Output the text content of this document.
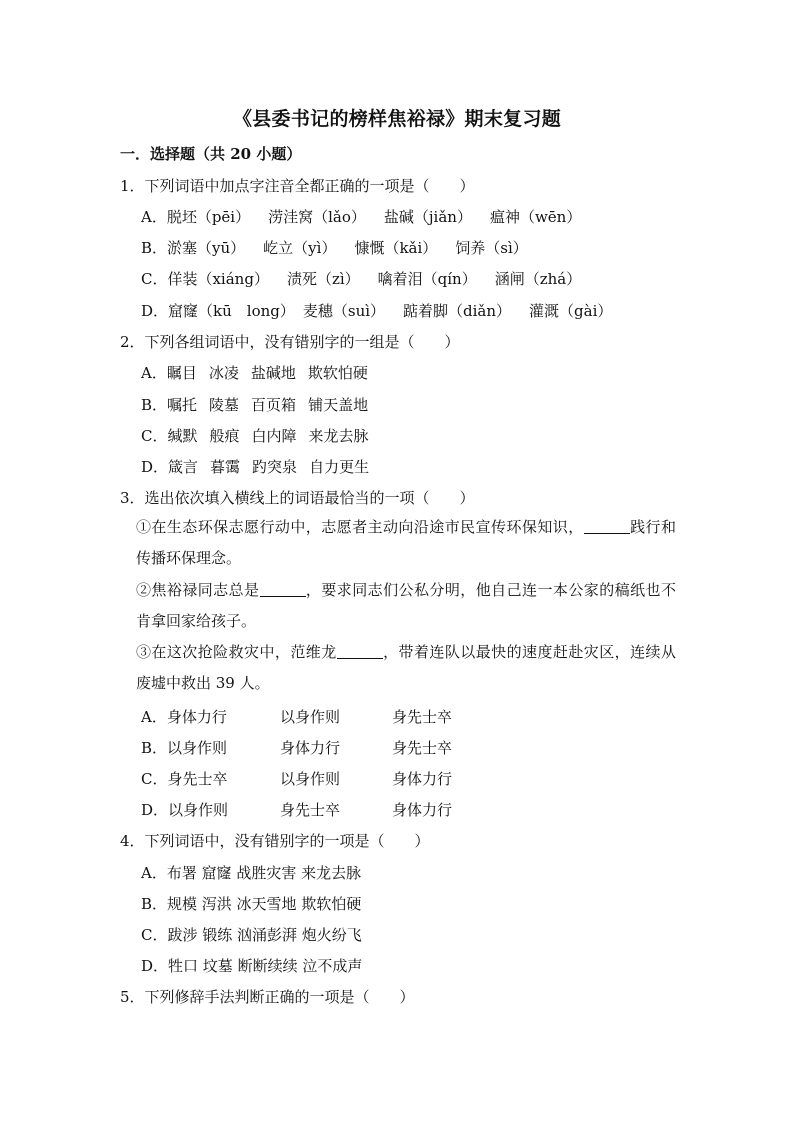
《县委书记的榜样焦裕禄》期末复习题
一．选择题（共 20 小题）
1．下列词语中加点字注音全都正确的一项是（　　）
A．脱坯（pēi） 涝洼窝（lǎo） 盐碱（jiǎn） 瘟神（wēn）
B．淤塞（yū） 屹立（yì） 慷慨（kǎi） 饲养（sì）
C．佯装（xiáng） 渍死（zì） 噙着泪（qín） 涵闸（zhá）
D．窟窿（kū　long） 麦穗（suì） 踮着脚（diǎn） 灌溉（gài）
2．下列各组词语中，没有错别字的一组是（　　）
A．瞩目 冰凌 盐碱地 欺软怕硬
B．嘱托 陵墓 百页箱 铺天盖地
C．缄默 般痕 白内障 来龙去脉
D．箴言 暮霭 趵突泉 自力更生
3．选出依次填入横线上的词语最恰当的一项（　　）
①在生态环保志愿行动中，志愿者主动向沿途市民宣传环保知识，	践行和传播环保理念。
②焦裕禄同志总是	，要求同志们公私分明，他自己连一本公家的稿纸也不肯拿回家给孩子。
③在这次抢险救灾中，范维龙	，带着连队以最快的速度赶赴灾区，连续从废墟中救出 39 人。
A．身体力行	以身作则	身先士卒
B．以身作则	身体力行	身先士卒
C．身先士卒	以身作则	身体力行
D．以身作则	身先士卒	身体力行
4．下列词语中，没有错别字的一项是（　　）
A．布署 窟窿 战胜灾害 来龙去脉
B．规模 泻洪 冰天雪地 欺软怕硬
C．跋涉 锻练 汹涌彭湃 炮火纷飞
D．牲口 坟墓 断断续续 泣不成声
5．下列修辞手法判断正确的一项是（　　）
